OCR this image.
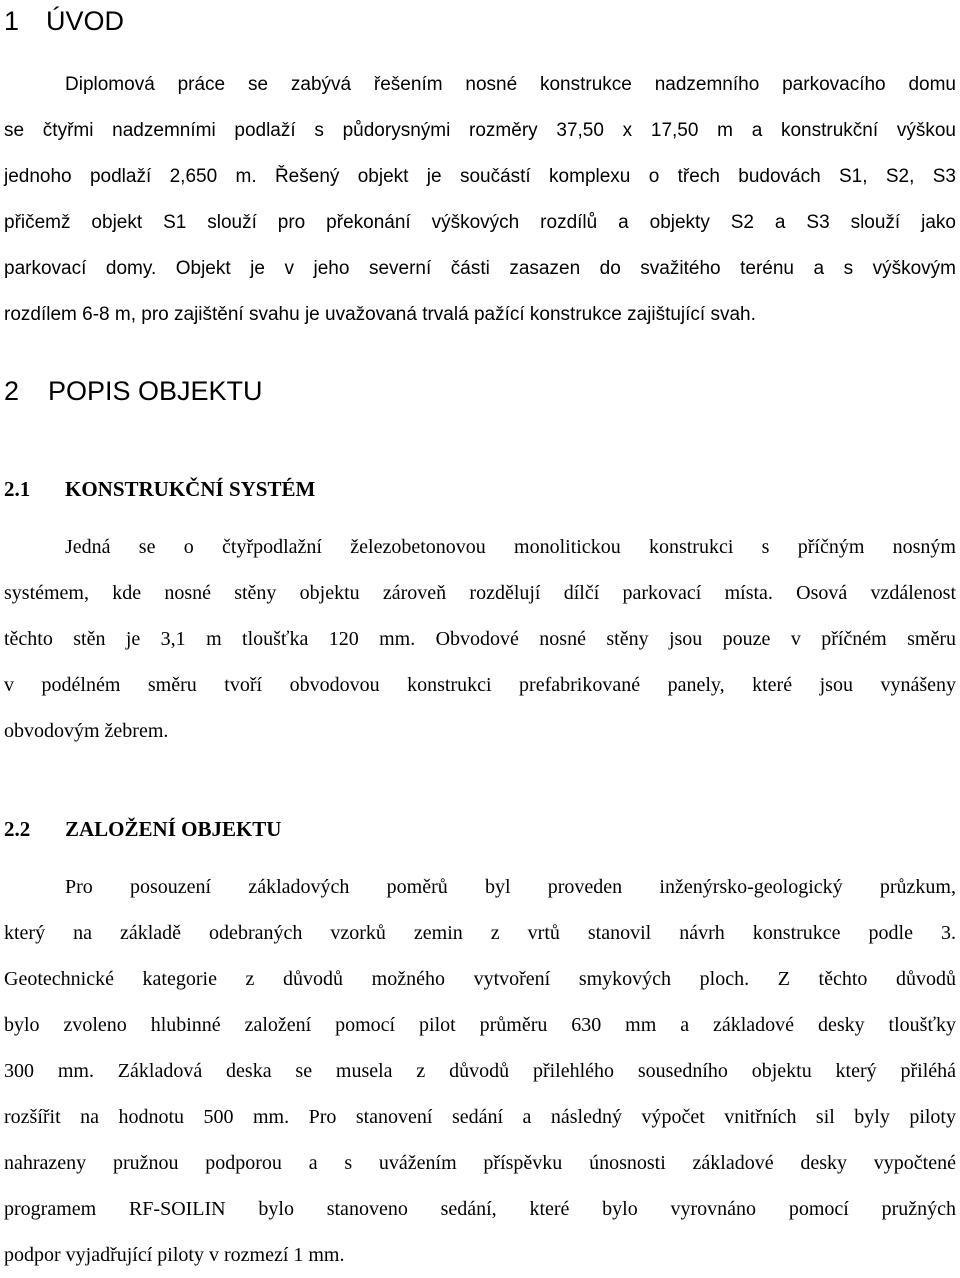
1 ÚVOD
Diplomová práce se zabývá řešením nosné konstrukce nadzemního parkovacího domu
se čtyřmi nadzemními podlaží s půdorysnými rozměry 37,50 x 17,50 m a konstrukční výškou
jednoho podlaží 2,650 m. Řešený objekt je součástí komplexu o třech budovách S1, S2, S3
přičemž objekt S1 slouží pro překonání výškových rozdílů a objekty S2 a S3 slouží jako
parkovací domy. Objekt je v jeho severní části zasazen do svažitého terénu a s výškovým
rozdílem 6-8 m, pro zajištění svahu je uvažovaná trvalá pažící konstrukce zajištující svah.
2 POPIS OBJEKTU
2.1 KONSTRUKČNÍ SYSTÉM
Jedná se o čtyřpodlažní železobetonovou monolitickou konstrukci s příčným nosným
systémem, kde nosné stěny objektu zároveň rozdělují dílčí parkovací místa. Osová vzdálenost
těchto stěn je 3,1 m tloušťka 120 mm. Obvodové nosné stěny jsou pouze v příčném směru
v podélném směru tvoří obvodovou konstrukci prefabrikované panely, které jsou vynášeny
obvodovým žebrem.
2.2 ZALOŽENÍ OBJEKTU
Pro posouzení základových poměrů byl proveden inženýrsko-geologický průzkum,
který na základě odebraných vzorků zemin z vrtů stanovil návrh konstrukce podle 3.
Geotechnické kategorie z důvodů možného vytvoření smykových ploch. Z těchto důvodů
bylo zvoleno hlubinné založení pomocí pilot průměru 630 mm a základové desky tloušťky
300 mm. Základová deska se musela z důvodů přilehlého sousedního objektu který přiléhá
rozšířit na hodnotu 500 mm. Pro stanovení sedání a následný výpočet vnitřních sil byly piloty
nahrazeny pružnou podporou a s uvážením příspěvku únosnosti základové desky vypočtené
programem RF-SOILIN bylo stanoveno sedání, které bylo vyrovnáno pomocí pružných
podpor vyjadřující piloty v rozmezí 1 mm.
